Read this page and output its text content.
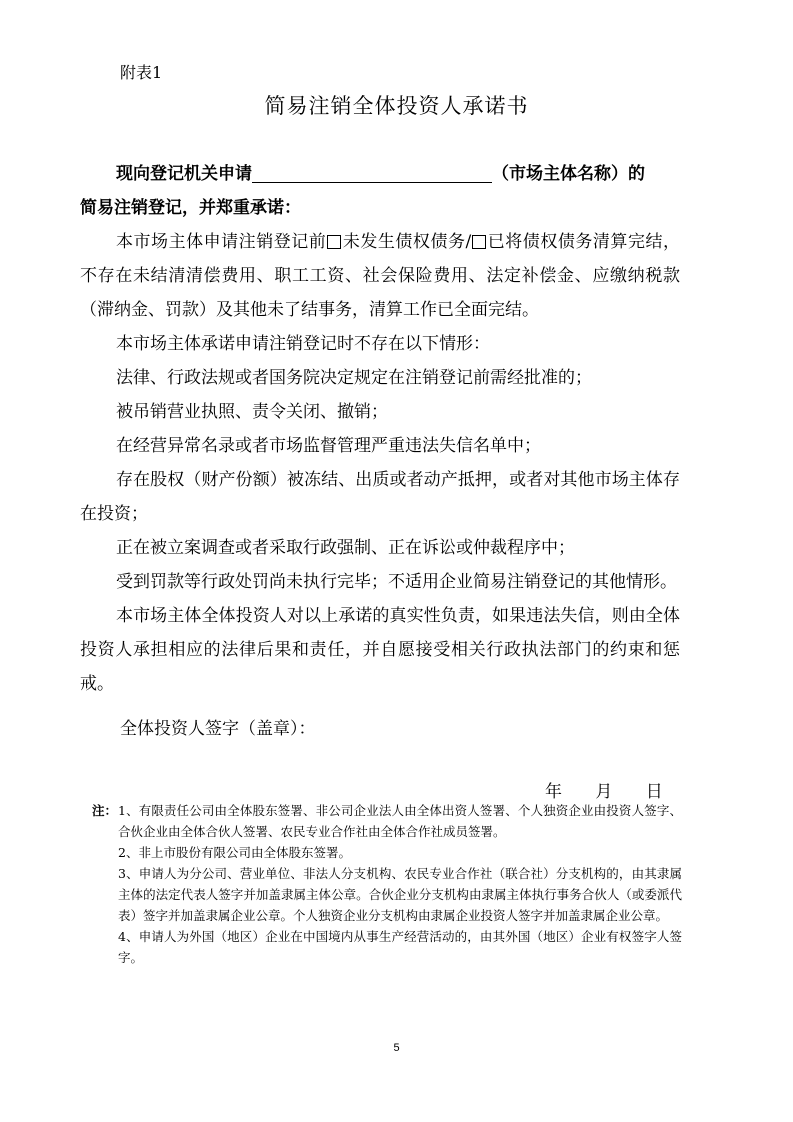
附表1
简易注销全体投资人承诺书

现向登记机关申请	（市场主体名称）的

简易注销登记，并郑重承诺：

本市场主体申请注销登记前 未发生债权债务/ 已将债权债务清算完结，不存在未结清清偿费用、职工工资、社会保险费用、法定补偿金、应缴纳税款（滞纳金、罚款）及其他未了结事务，清算工作已全面完结。

本市场主体承诺申请注销登记时不存在以下情形：

法律、行政法规或者国务院决定规定在注销登记前需经批准的；

被吊销营业执照、责令关闭、撤销；

在经营异常名录或者市场监督管理严重违法失信名单中；

存在股权（财产份额）被冻结、出质或者动产抵押，或者对其他市场主体存在投资；

正在被立案调查或者采取行政强制、正在诉讼或仲裁程序中；

受到罚款等行政处罚尚未执行完毕；不适用企业简易注销登记的其他情形。

本市场主体全体投资人对以上承诺的真实性负责，如果违法失信，则由全体投资人承担相应的法律后果和责任，并自愿接受相关行政执法部门的约束和惩戒。

全体投资人签字（盖章）：
年 月 日
注： 1、有限责任公司由全体股东签署、非公司企业法人由全体出资人签署、个人独资企业由投资人签字、合伙企业由全体合伙人签署、农民专业合作社由全体合作社成员签署。
2、非上市股份有限公司由全体股东签署。
3、申请人为分公司、营业单位、非法人分支机构、农民专业合作社（联合社）分支机构的，由其隶属主体的法定代表人签字并加盖隶属主体公章。合伙企业分支机构由隶属主体执行事务合伙人（或委派代表）签字并加盖隶属企业公章。个人独资企业分支机构由隶属企业投资人签字并加盖隶属企业公章。
4、申请人为外国（地区）企业在中国境内从事生产经营活动的，由其外国（地区）企业有权签字人签字。
5
